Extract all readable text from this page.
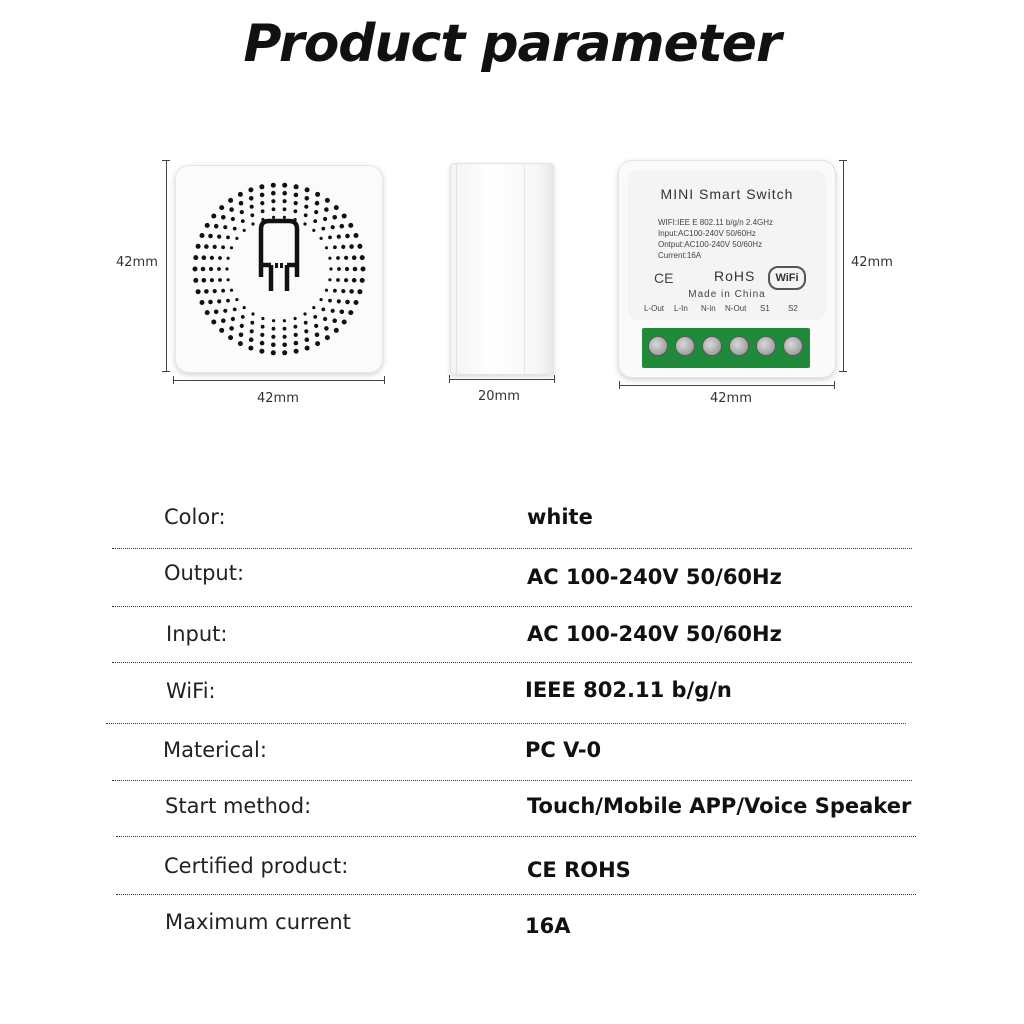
Product parameter
42mm
42mm	20mm
MINI Smart Switch
WIFI:IEE E 802.11 b/g/n 2.4GHz
Input:AC100-240V 50/60Hz
Ontput:AC100-240V 50/60Hz
Current:16A
CE	RoHS	WiFi
Made in China
L-Out L-In N-in N-Out S1 S2
42mm
42mm
Color:	white
Output:	AC 100-240V 50/60Hz
Input:	AC 100-240V 50/60Hz
WiFi:	IEEE 802.11 b/g/n
Materical:	PC V-0
Start method:	Touch/Mobile APP/Voice Speaker
Certified product:	CE ROHS
Maximum current	16A
